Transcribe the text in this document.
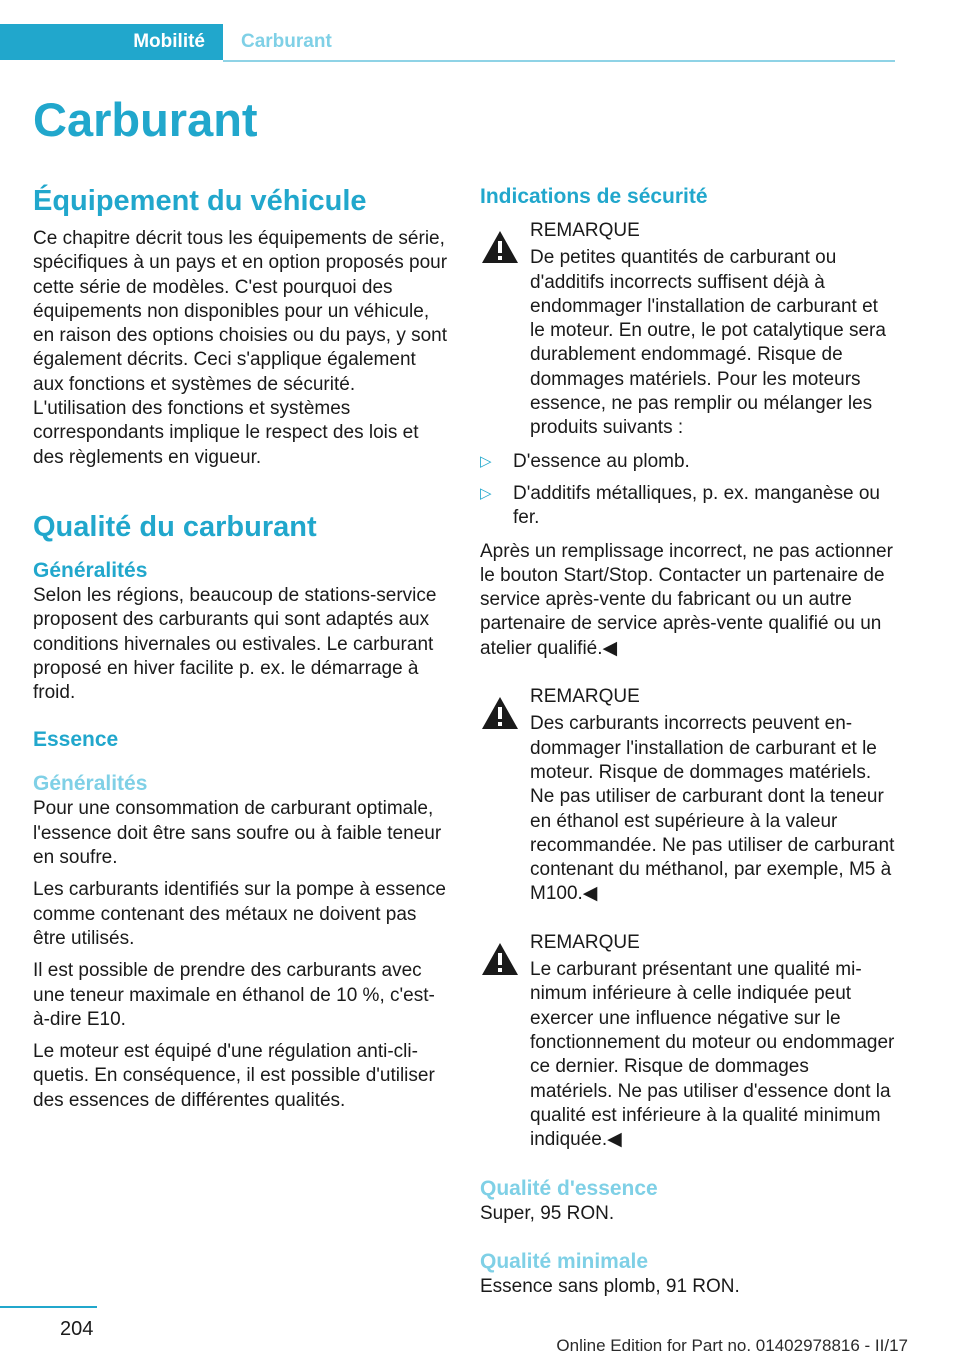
Mobilité	Carburant
Carburant

Équipement du véhicule

Ce chapitre décrit tous les équipements de série, spécifiques à un pays et en option proposés pour cette série de modèles. C'est pourquoi des équipements non disponibles pour un véhicule, en raison des options choisies ou du pays, y sont également décrits. Ceci s'applique également aux fonctions et systèmes de sécurité. L'utilisation des fonctions et systèmes correspondants implique le respect des lois et des règlements en vigueur.

Qualité du carburant

Généralités

Selon les régions, beaucoup de stations-service proposent des carburants qui sont adaptés aux conditions hivernales ou estivales. Le carburant proposé en hiver facilite p. ex. le démarrage à froid.

Essence

Généralités

Pour une consommation de carburant optimale, l'essence doit être sans soufre ou à faible teneur en soufre.

Les carburants identifiés sur la pompe à essence comme contenant des métaux ne doivent pas être utilisés.

Il est possible de prendre des carburants avec une teneur maximale en éthanol de 10 %, c'est-à-dire E10.

Le moteur est équipé d'une régulation anti-cliquetis. En conséquence, il est possible d'utiliser des essences de différentes qualités.

Indications de sécurité

REMARQUE

De petites quantités de carburant ou d'additifs incorrects suffisent déjà à endommager l'installation de carburant et le moteur. En outre, le pot catalytique sera durablement endommagé. Risque de dommages matériels. Pour les moteurs essence, ne pas remplir ou mélanger les produits suivants :

▷ D'essence au plomb.
▷ D'additifs métalliques, p. ex. manganèse ou fer.

Après un remplissage incorrect, ne pas actionner le bouton Start/Stop. Contacter un partenaire de service après-vente du fabricant ou un autre partenaire de service après-vente qualifié ou un atelier qualifié.◀

REMARQUE

Des carburants incorrects peuvent endommager l'installation de carburant et le moteur. Risque de dommages matériels. Ne pas utiliser de carburant dont la teneur en éthanol est supérieure à la valeur recommandée. Ne pas utiliser de carburant contenant du méthanol, par exemple, M5 à M100.◀

REMARQUE

Le carburant présentant une qualité minimum inférieure à celle indiquée peut exercer une influence négative sur le fonctionnement du moteur ou endommager ce dernier. Risque de dommages matériels. Ne pas utiliser d'essence dont la qualité est inférieure à la qualité minimum indiquée.◀

Qualité d'essence

Super, 95 RON.

Qualité minimale

Essence sans plomb, 91 RON.

204
Online Edition for Part no. 01402978816 - II/17
